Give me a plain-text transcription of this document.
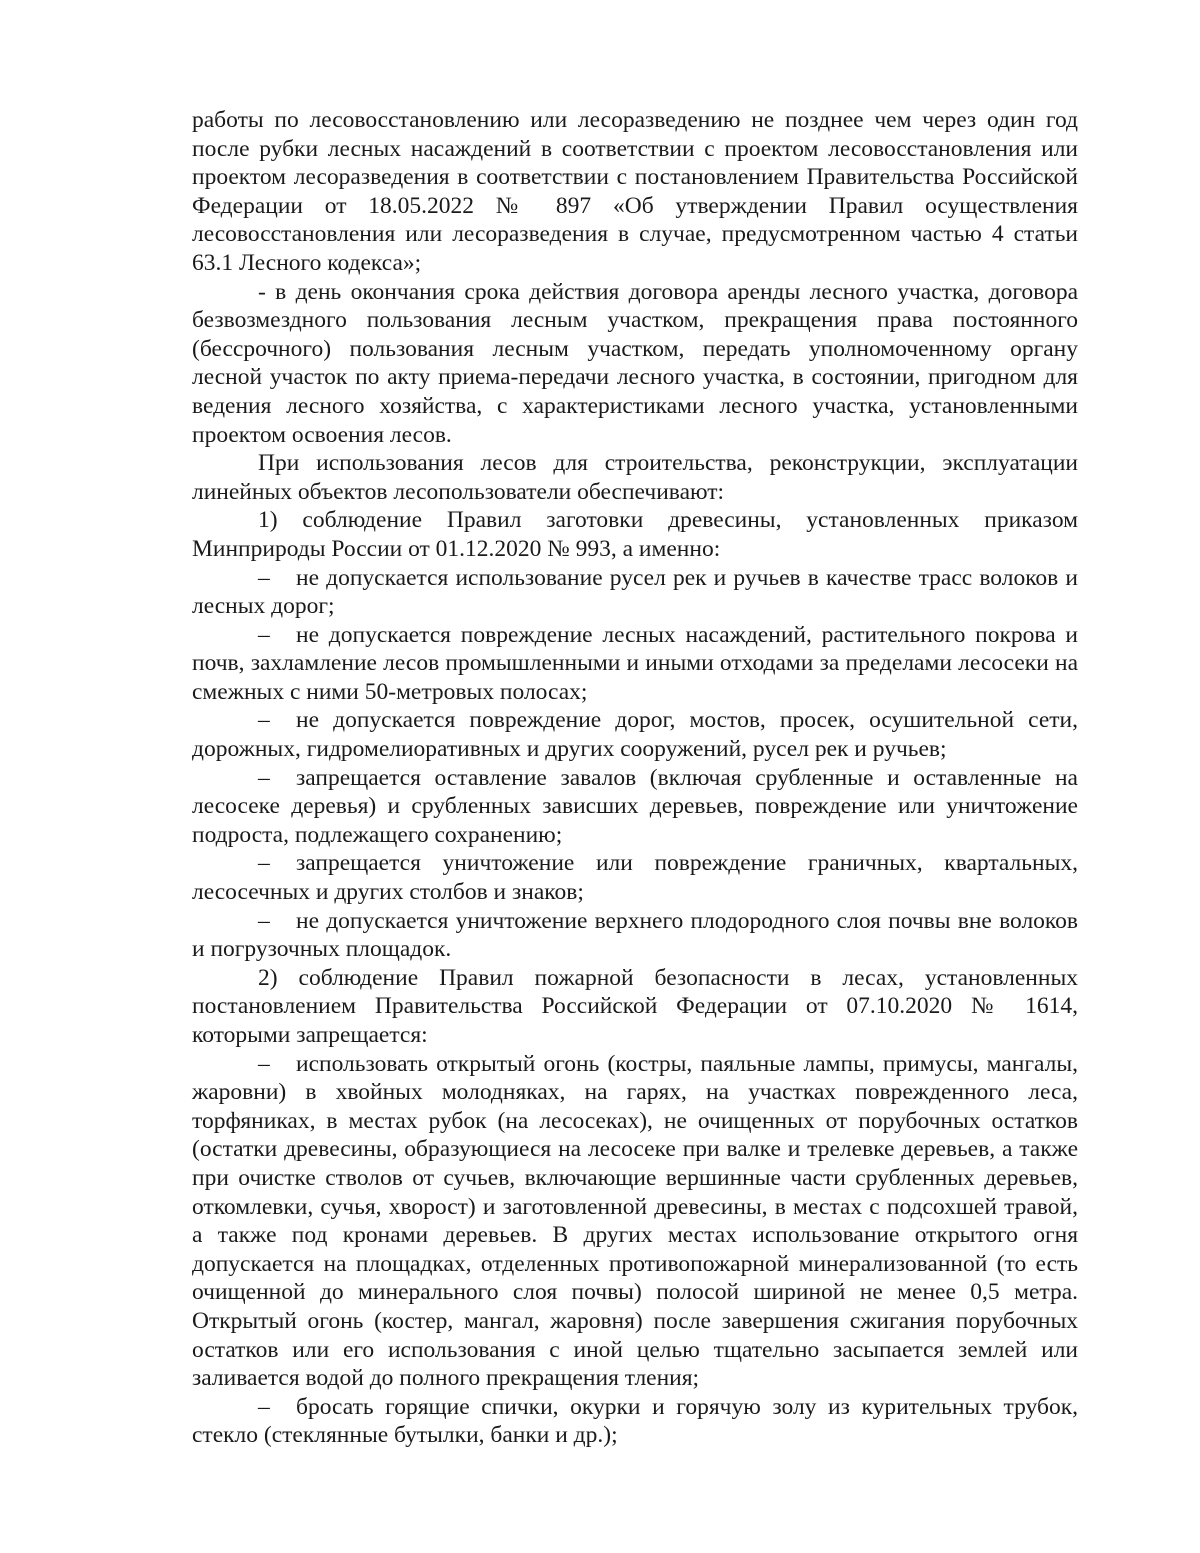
работы по лесовосстановлению или лесоразведению не позднее чем через один год после рубки лесных насаждений в соответствии с проектом лесовосстановления или проектом лесоразведения в соответствии с постановлением Правительства Российской Федерации от 18.05.2022 № 897 «Об утверждении Правил осуществления лесовосстановления или лесоразведения в случае, предусмотренном частью 4 статьи 63.1 Лесного кодекса»;

- в день окончания срока действия договора аренды лесного участка, договора безвозмездного пользования лесным участком, прекращения права постоянного (бессрочного) пользования лесным участком, передать уполномоченному органу лесной участок по акту приема-передачи лесного участка, в состоянии, пригодном для ведения лесного хозяйства, с характеристиками лесного участка, установленными проектом освоения лесов.

При использования лесов для строительства, реконструкции, эксплуатации линейных объектов лесопользователи обеспечивают:

1) соблюдение Правил заготовки древесины, установленных приказом Минприроды России от 01.12.2020 № 993, а именно:

– не допускается использование русел рек и ручьев в качестве трасс волоков и лесных дорог;

– не допускается повреждение лесных насаждений, растительного покрова и почв, захламление лесов промышленными и иными отходами за пределами лесосеки на смежных с ними 50-метровых полосах;

– не допускается повреждение дорог, мостов, просек, осушительной сети, дорожных, гидромелиоративных и других сооружений, русел рек и ручьев;

– запрещается оставление завалов (включая срубленные и оставленные на лесосеке деревья) и срубленных зависших деревьев, повреждение или уничтожение подроста, подлежащего сохранению;

– запрещается уничтожение или повреждение граничных, квартальных, лесосечных и других столбов и знаков;

– не допускается уничтожение верхнего плодородного слоя почвы вне волоков и погрузочных площадок.

2) соблюдение Правил пожарной безопасности в лесах, установленных постановлением Правительства Российской Федерации от 07.10.2020 № 1614, которыми запрещается:

– использовать открытый огонь (костры, паяльные лампы, примусы, мангалы, жаровни) в хвойных молодняках, на гарях, на участках поврежденного леса, торфяниках, в местах рубок (на лесосеках), не очищенных от порубочных остатков (остатки древесины, образующиеся на лесосеке при валке и трелевке деревьев, а также при очистке стволов от сучьев, включающие вершинные части срубленных деревьев, откомлевки, сучья, хворост) и заготовленной древесины, в местах с подсохшей травой, а также под кронами деревьев. В других местах использование открытого огня допускается на площадках, отделенных противопожарной минерализованной (то есть очищенной до минерального слоя почвы) полосой шириной не менее 0,5 метра. Открытый огонь (костер, мангал, жаровня) после завершения сжигания порубочных остатков или его использования с иной целью тщательно засыпается землей или заливается водой до полного прекращения тления;

– бросать горящие спички, окурки и горячую золу из курительных трубок, стекло (стеклянные бутылки, банки и др.);
